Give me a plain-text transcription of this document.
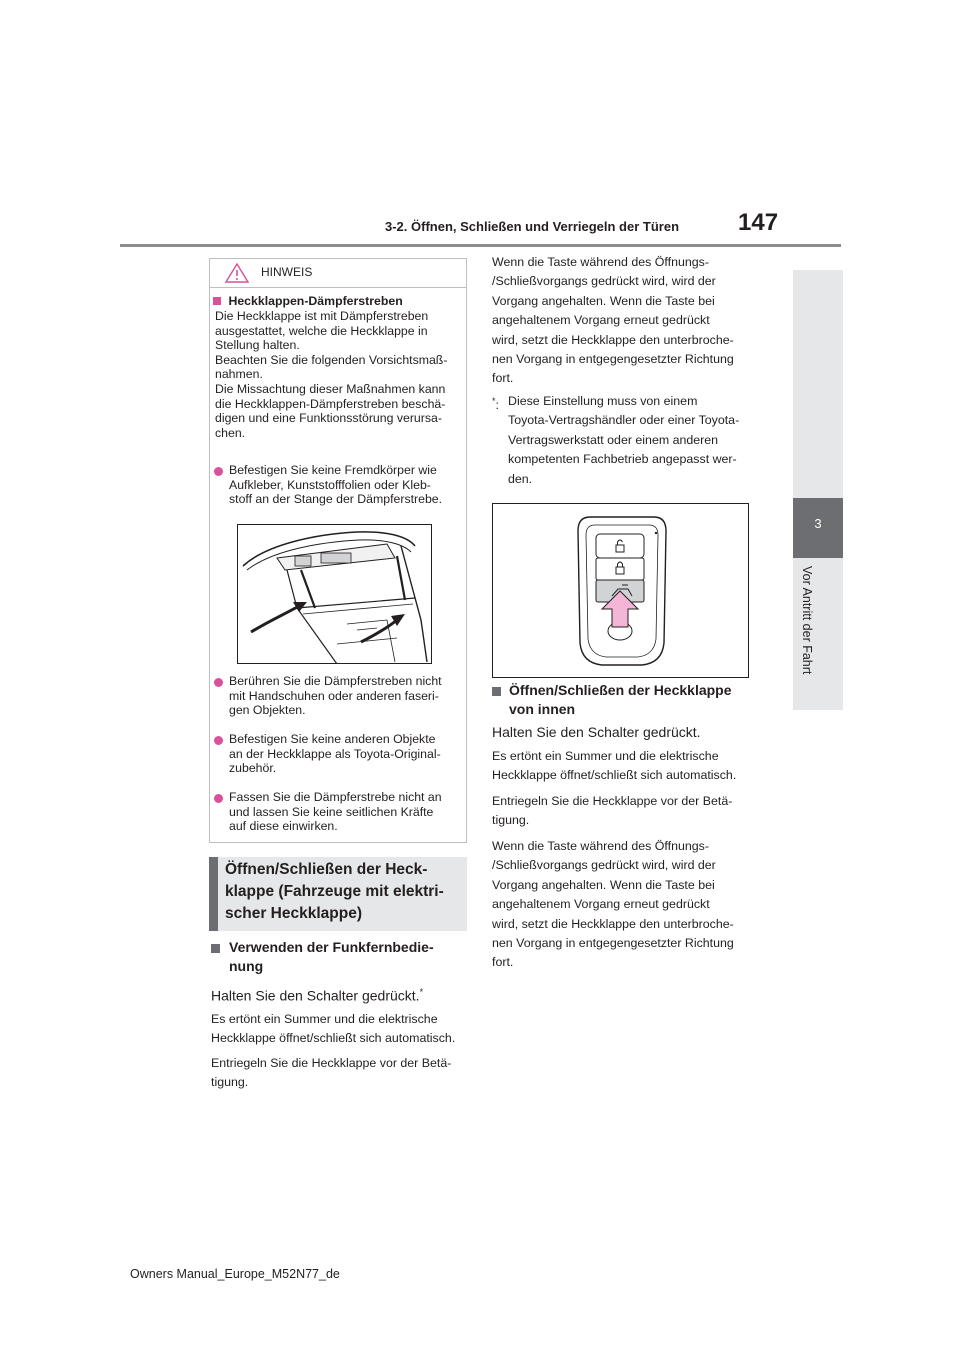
3-2. Öffnen, Schließen und Verriegeln der Türen 147
3
Vor Antritt der Fahrt
HINWEIS
Heckklappen-Dämpferstreben
Die Heckklappe ist mit Dämpferstreben
ausgestattet, welche die Heckklappe in
Stellung halten.
Beachten Sie die folgenden Vorsichtsmaß-
nahmen.
Die Missachtung dieser Maßnahmen kann
die Heckklappen-Dämpferstreben beschä-
digen und eine Funktionsstörung verursa-
chen.
Befestigen Sie keine Fremdkörper wie
Aufkleber, Kunststofffolien oder Kleb-
stoff an der Stange der Dämpferstrebe.
Berühren Sie die Dämpferstreben nicht
mit Handschuhen oder anderen faseri-
gen Objekten.
Befestigen Sie keine anderen Objekte
an der Heckklappe als Toyota-Original-
zubehör.
Fassen Sie die Dämpferstrebe nicht an
und lassen Sie keine seitlichen Kräfte
auf diese einwirken.
Öffnen/Schließen der Heck-
klappe (Fahrzeuge mit elektri-
scher Heckklappe)
Verwenden der Funkfernbedie-
nung
Halten Sie den Schalter gedrückt.*
Es ertönt ein Summer und die elektrische
Heckklappe öffnet/schließt sich automatisch.
Entriegeln Sie die Heckklappe vor der Betä-
tigung.
Wenn die Taste während des Öffnungs-
/Schließvorgangs gedrückt wird, wird der
Vorgang angehalten. Wenn die Taste bei
angehaltenem Vorgang erneut gedrückt
wird, setzt die Heckklappe den unterbroche-
nen Vorgang in entgegengesetzter Richtung
fort.
*: Diese Einstellung muss von einem
Toyota-Vertragshändler oder einer Toyota-
Vertragswerkstatt oder einem anderen
kompetenten Fachbetrieb angepasst wer-
den.
Öffnen/Schließen der Heckklappe
von innen
Halten Sie den Schalter gedrückt.
Es ertönt ein Summer und die elektrische
Heckklappe öffnet/schließt sich automatisch.
Entriegeln Sie die Heckklappe vor der Betä-
tigung.
Wenn die Taste während des Öffnungs-
/Schließvorgangs gedrückt wird, wird der
Vorgang angehalten. Wenn die Taste bei
angehaltenem Vorgang erneut gedrückt
wird, setzt die Heckklappe den unterbroche-
nen Vorgang in entgegengesetzter Richtung
fort.
Owners Manual_Europe_M52N77_de
